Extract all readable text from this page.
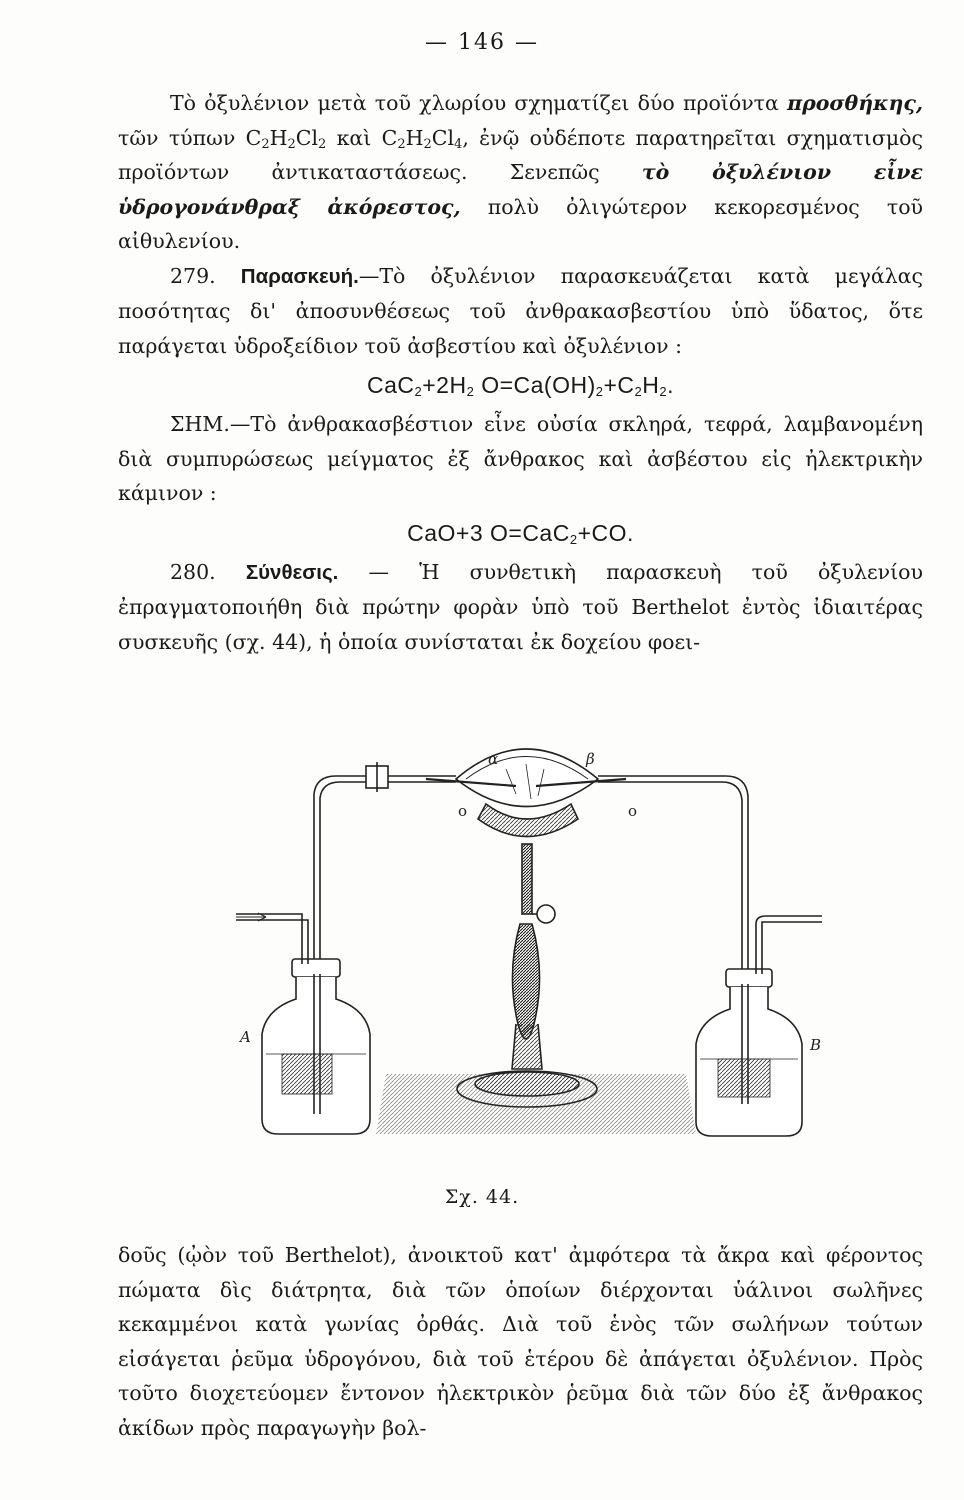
— 146 —

Τὸ ὀξυλένιον μετὰ τοῦ χλωρίου σχηματίζει δύο προϊόντα προσθήκης, τῶν τύπων $C_2H_2Cl_2$ καὶ $C_2H_2Cl_4$, ἐνῷ οὐδέποτε παρατηρεῖται σχηματισμὸς προϊόντων ἀντικαταστάσεως. Σενεπῶς τὸ ὀξυλένιον εἶνε ὑδρογονάνθραξ ἀκόρεστος, πολὺ ὀλιγώτερον κεκορεσμένος τοῦ αἰθυλενίου.

279. Παρασκευή.—Τὸ ὀξυλένιον παρασκευάζεται κατὰ μεγάλας ποσότητας δι' ἀποσυνθέσεως τοῦ ἀνθρακασβεστίου ὑπὸ ὕδατος, ὅτε παράγεται ὑδροξείδιον τοῦ ἀσβεστίου καὶ ὀξυλένιον :

$CaC_2+2H_2$ $O=Ca(OH)_2+C_2H_2$.

ΣΗΜ.—Τὸ ἀνθρακασβέστιον εἶνε οὐσία σκληρά, τεφρά, λαμβανομένη διὰ συμπυρώσεως μείγματος ἐξ ἄνθρακος καὶ ἀσβέστου εἰς ἠλεκτρικὴν κάμινον :

CaO+3 O=CaC$_2$+CO.

280. Σύνθεσις. — Ἡ συνθετικὴ παρασκευὴ τοῦ ὀξυλενίου ἐπραγματοποιήθη διὰ πρώτην φορὰν ὑπὸ τοῦ Berthelot ἐντὸς ἰδιαιτέρας συσκευῆς (σχ. 44), ἡ ὁποία συνίσταται ἐκ δοχείου φοει-

o	o
α	β
A	B
Σχ. 44.

δοῦς (ᾠὸν τοῦ Berthelot), ἀνοικτοῦ κατ' ἀμφότερα τὰ ἄκρα καὶ φέροντος πώματα δὶς διάτρητα, διὰ τῶν ὁποίων διέρχονται ὑάλινοι σωλῆνες κεκαμμένοι κατὰ γωνίας ὀρθάς. Διὰ τοῦ ἑνὸς τῶν σωλήνων τούτων εἰσάγεται ῥεῦμα ὑδρογόνου, διὰ τοῦ ἑτέρου δὲ ἀπάγεται ὀξυλένιον. Πρὸς τοῦτο διοχετεύομεν ἔντονον ἠλεκτρικὸν ῥεῦμα διὰ τῶν δύο ἐξ ἄνθρακος ἀκίδων πρὸς παραγωγὴν βολ-
